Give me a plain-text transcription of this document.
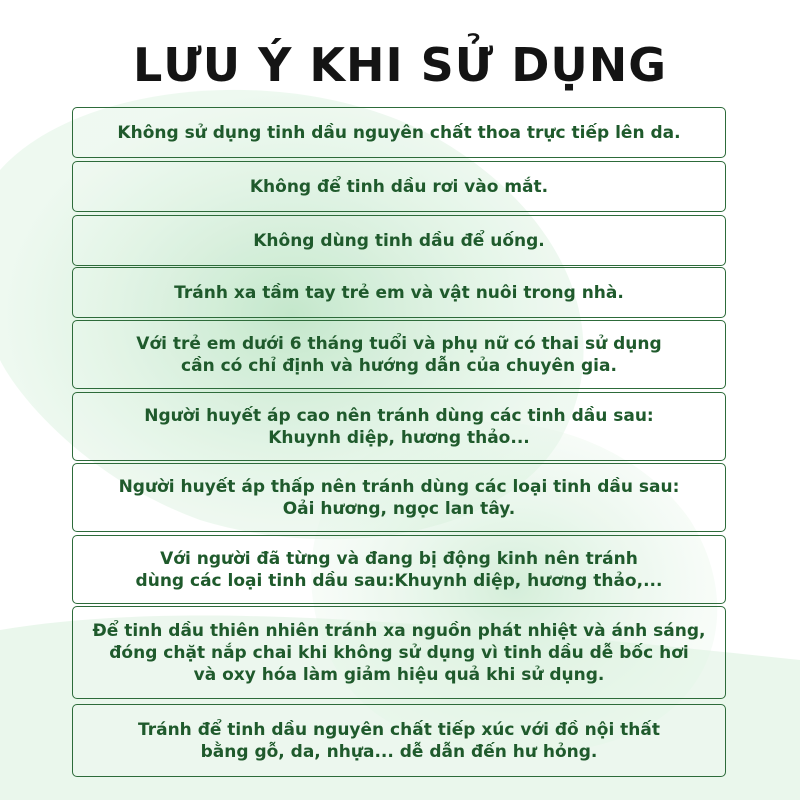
LƯU Ý KHI SỬ DỤNG
Không sử dụng tinh dầu nguyên chất thoa trực tiếp lên da.
Không để tinh dầu rơi vào mắt.
Không dùng tinh dầu để uống.
Tránh xa tầm tay trẻ em và vật nuôi trong nhà.
Với trẻ em dưới 6 tháng tuổi và phụ nữ có thai sử dụng
cần có chỉ định và hướng dẫn của chuyên gia.
Người huyết áp cao nên tránh dùng các tinh dầu sau:
Khuynh diệp, hương thảo...
Người huyết áp thấp nên tránh dùng các loại tinh dầu sau:
Oải hương, ngọc lan tây.
Với người đã từng và đang bị động kinh nên tránh
dùng các loại tinh dầu sau:Khuynh diệp, hương thảo,...
Để tinh dầu thiên nhiên tránh xa nguồn phát nhiệt và ánh sáng,
đóng chặt nắp chai khi không sử dụng vì tinh dầu dễ bốc hơi
và oxy hóa làm giảm hiệu quả khi sử dụng.
Tránh để tinh dầu nguyên chất tiếp xúc với đồ nội thất
bằng gỗ, da, nhựa... dễ dẫn đến hư hỏng.
